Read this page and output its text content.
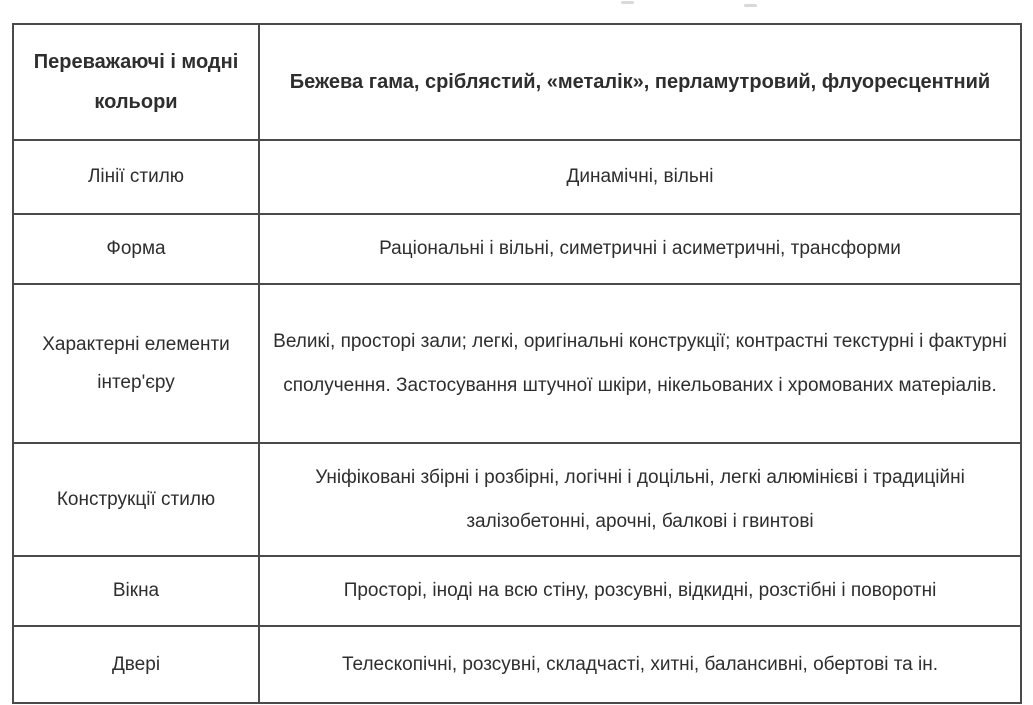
Переважаючі і модні кольори	Бежева гама, сріблястий, «металік», перламутровий, флуоресцентний
Лінії стилю	Динамічні, вільні
Форма	Раціональні і вільні, симетричні і асиметричні, трансформи
Характерні елементи інтер'єру	Великі, просторі зали; легкі, оригінальні конструкції; контрастні текстурні і фактурні сполучення. Застосування штучної шкіри, нікельованих і хромованих матеріалів.
Конструкції стилю	Уніфіковані збірні і розбірні, логічні і доцільні, легкі алюмінієві і традиційні залізобетонні, арочні, балкові і гвинтові
Вікна	Просторі, іноді на всю стіну, розсувні, відкидні, розстібні і поворотні
Двері	Телескопічні, розсувні, складчасті, хитні, балансивні, обертові та ін.
